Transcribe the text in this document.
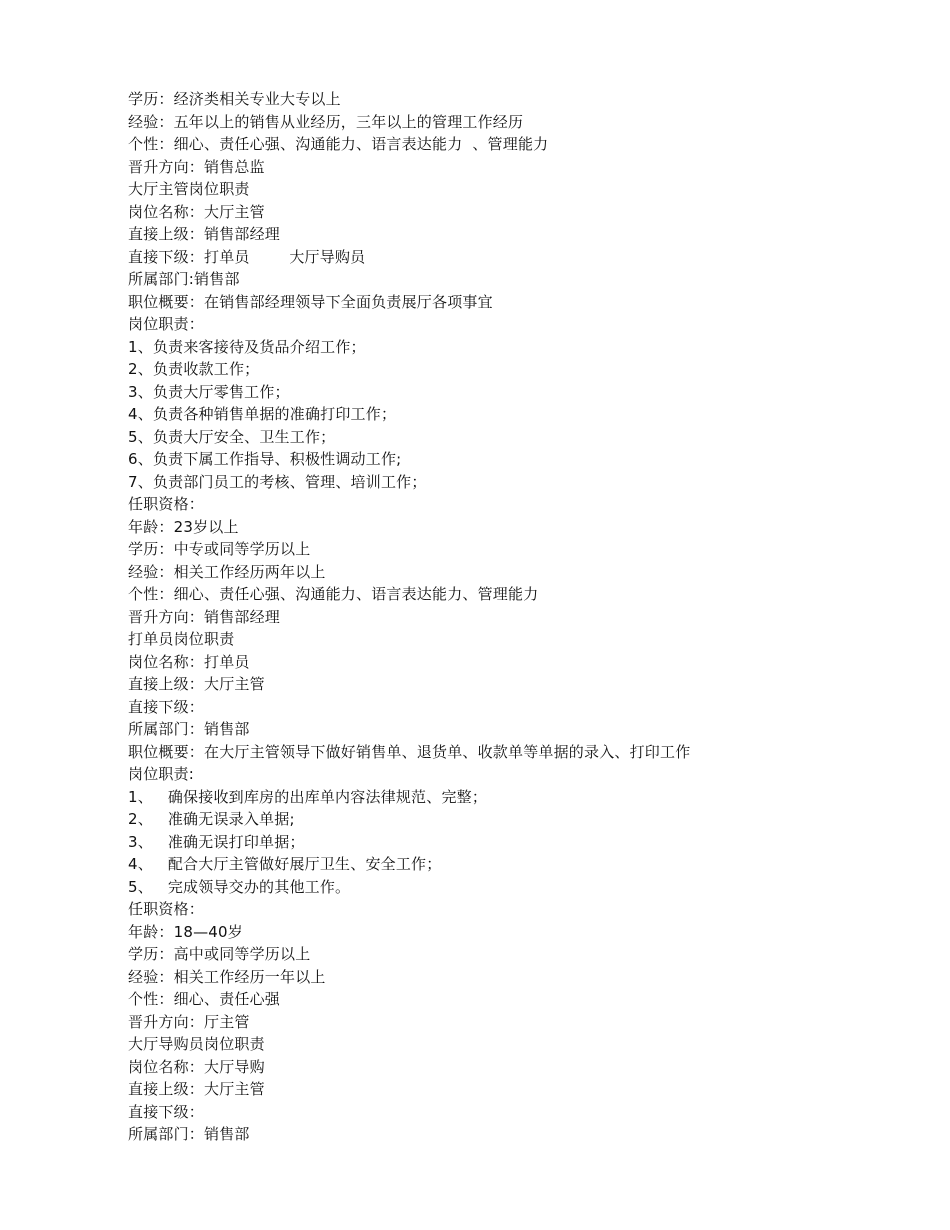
学历：经济类相关专业大专以上
经验：五年以上的销售从业经历，三年以上的管理工作经历
个性：细心、责任心强、沟通能力、语言表达能力  、管理能力
晋升方向：销售总监
大厅主管岗位职责
岗位名称：大厅主管
直接上级：销售部经理
直接下级：打单员        大厅导购员
所属部门:销售部
职位概要：在销售部经理领导下全面负责展厅各项事宜
岗位职责：
1、负责来客接待及货品介绍工作；
2、负责收款工作；
3、负责大厅零售工作；
4、负责各种销售单据的准确打印工作；
5、负责大厅安全、卫生工作；
6、负责下属工作指导、积极性调动工作;
7、负责部门员工的考核、管理、培训工作；
任职资格：
年龄：23岁以上
学历：中专或同等学历以上
经验：相关工作经历两年以上
个性：细心、责任心强、沟通能力、语言表达能力、管理能力
晋升方向：销售部经理
打单员岗位职责
岗位名称：打单员
直接上级：大厅主管
直接下级：
所属部门：销售部
职位概要：在大厅主管领导下做好销售单、退货单、收款单等单据的录入、打印工作
岗位职责:
1、   确保接收到库房的出库单内容法律规范、完整；
2、   准确无误录入单据;
3、   准确无误打印单据；
4、   配合大厅主管做好展厅卫生、安全工作；
5、   完成领导交办的其他工作。
任职资格：
年龄：18—40岁
学历：高中或同等学历以上
经验：相关工作经历一年以上
个性：细心、责任心强
晋升方向：厅主管
大厅导购员岗位职责
岗位名称：大厅导购
直接上级：大厅主管
直接下级：
所属部门：销售部
